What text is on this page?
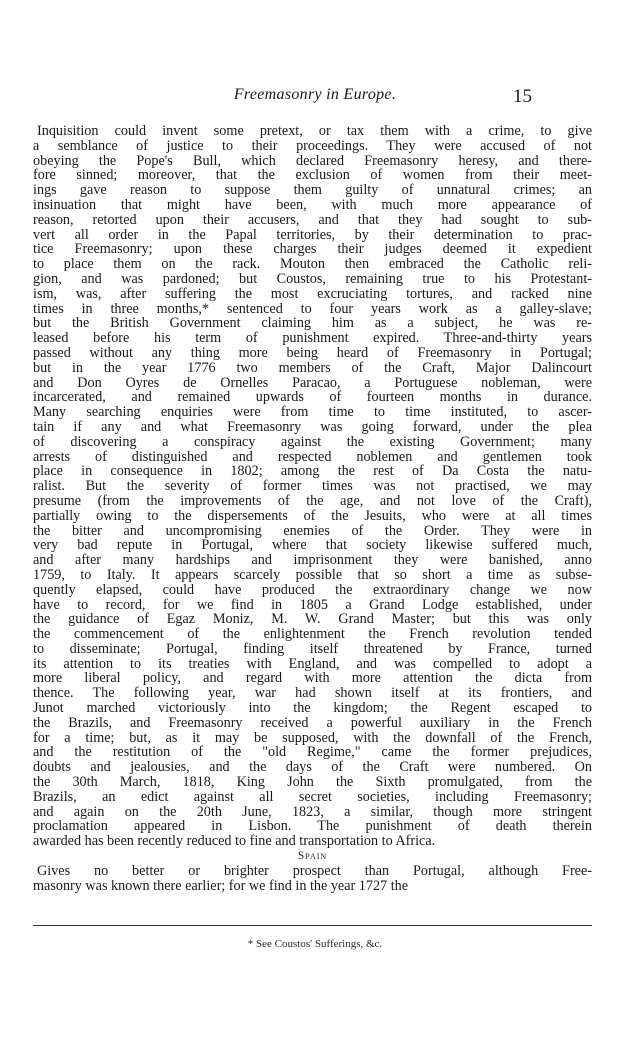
Freemasonry in Europe.	15
Inquisition could invent some pretext, or tax them with a crime, to give
a semblance of justice to their proceedings. They were accused of not
obeying the Pope's Bull, which declared Freemasonry heresy, and there-
fore sinned; moreover, that the exclusion of women from their meet-
ings gave reason to suppose them guilty of unnatural crimes; an
insinuation that might have been, with much more appearance of
reason, retorted upon their accusers, and that they had sought to sub-
vert all order in the Papal territories, by their determination to prac-
tice Freemasonry; upon these charges their judges deemed it expedient
to place them on the rack. Mouton then embraced the Catholic reli-
gion, and was pardoned; but Coustos, remaining true to his Protestant-
ism, was, after suffering the most excruciating tortures, and racked nine
times in three months,* sentenced to four years work as a galley-slave;
but the British Government claiming him as a subject, he was re-
leased before his term of punishment expired. Three-and-thirty years
passed without any thing more being heard of Freemasonry in Portugal;
but in the year 1776 two members of the Craft, Major Dalincourt
and Don Oyres de Ornelles Paracao, a Portuguese nobleman, were
incarcerated, and remained upwards of fourteen months in durance.
Many searching enquiries were from time to time instituted, to ascer-
tain if any and what Freemasonry was going forward, under the plea
of discovering a conspiracy against the existing Government; many
arrests of distinguished and respected noblemen and gentlemen took
place in consequence in 1802; among the rest of Da Costa the natu-
ralist. But the severity of former times was not practised, we may
presume (from the improvements of the age, and not love of the Craft),
partially owing to the dispersements of the Jesuits, who were at all times
the bitter and uncompromising enemies of the Order. They were in
very bad repute in Portugal, where that society likewise suffered much,
and after many hardships and imprisonment they were banished, anno
1759, to Italy. It appears scarcely possible that so short a time as subse-
quently elapsed, could have produced the extraordinary change we now
have to record, for we find in 1805 a Grand Lodge established, under
the guidance of Egaz Moniz, M. W. Grand Master; but this was only
the commencement of the enlightenment the French revolution tended
to disseminate; Portugal, finding itself threatened by France, turned
its attention to its treaties with England, and was compelled to adopt a
more liberal policy, and regard with more attention the dicta from
thence. The following year, war had shown itself at its frontiers, and
Junot marched victoriously into the kingdom; the Regent escaped to
the Brazils, and Freemasonry received a powerful auxiliary in the French
for a time; but, as it may be supposed, with the downfall of the French,
and the restitution of the "old Regime," came the former prejudices,
doubts and jealousies, and the days of the Craft were numbered. On
the 30th March, 1818, King John the Sixth promulgated, from the
Brazils, an edict against all secret societies, including Freemasonry;
and again on the 20th June, 1823, a similar, though more stringent
proclamation appeared in Lisbon. The punishment of death therein
awarded has been recently reduced to fine and transportation to Africa.
Spain
Gives no better or brighter prospect than Portugal, although Free-
masonry was known there earlier; for we find in the year 1727 the
* See Coustos' Sufferings, &c.
